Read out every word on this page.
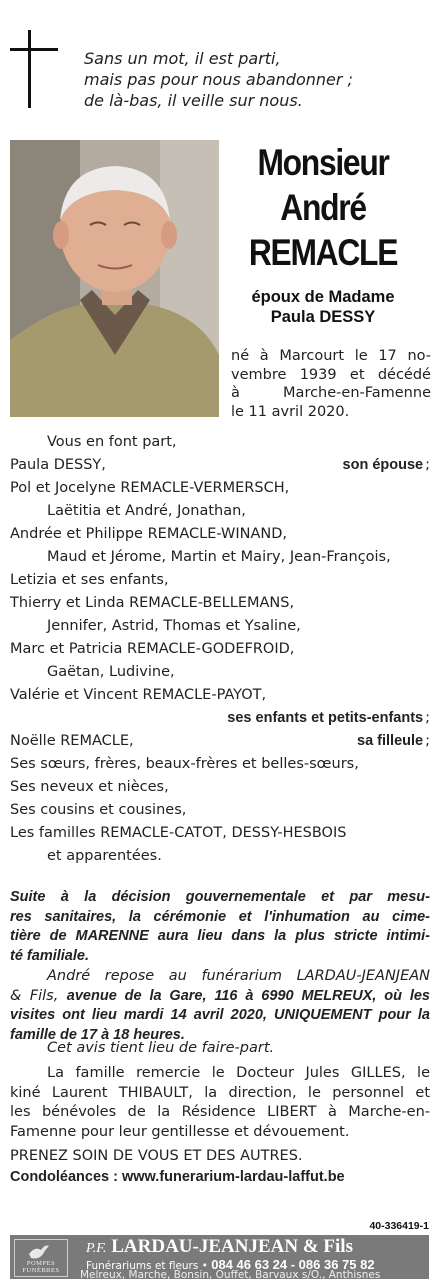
Sans un mot, il est parti,
mais pas pour nous abandonner ;
de là-bas, il veille sur nous.
Monsieur
André
REMACLE
époux de Madame
Paula DESSY
né à Marcourt le 17 no-
vembre 1939 et décédé
à	Marche-en-Famenne
le 11 avril 2020.
Vous en font part,
Paula DESSY,	son épouse ;
Pol et Jocelyne REMACLE-VERMERSCH,
Laëtitia et André, Jonathan,
Andrée et Philippe REMACLE-WINAND,
Maud et Jérome, Martin et Mairy, Jean-François,
Letizia et ses enfants,
Thierry et Linda REMACLE-BELLEMANS,
Jennifer, Astrid, Thomas et Ysaline,
Marc et Patricia REMACLE-GODEFROID,
Gaëtan, Ludivine,
Valérie et Vincent REMACLE-PAYOT,
ses enfants et petits-enfants ;
Noëlle REMACLE,	sa filleule ;
Ses sœurs, frères, beaux-frères et belles-sœurs,
Ses neveux et nièces,
Ses cousins et cousines,
Les familles REMACLE-CATOT, DESSY-HESBOIS
et apparentées.
Suite à la décision gouvernementale et par mesu-
res sanitaires, la cérémonie et l'inhumation au cime-
tière de MARENNE aura lieu dans la plus stricte intimi-
té familiale.
André repose au funérarium LARDAU-JEANJEAN
& Fils, avenue de la Gare, 116 à 6990 MELREUX, où les
visites ont lieu mardi 14 avril 2020, UNIQUEMENT pour la
famille de 17 à 18 heures.
Cet avis tient lieu de faire-part.
La famille remercie le Docteur Jules GILLES, le
kiné Laurent THIBAULT, la direction, le personnel et
les bénévoles de la Résidence LIBERT à Marche-en-
Famenne pour leur gentillesse et dévouement.
PRENEZ SOIN DE VOUS ET DES AUTRES.
Condoléances : www.funerarium-lardau-laffut.be
40-336419-1
POMPES FUNÈBRES
P.F. LARDAU-JEANJEAN & Fils
Funérariums et fleurs • 084 46 63 24 - 086 36 75 82
Melreux, Marche, Bonsin, Ouffet, Barvaux s/O., Anthisnes
